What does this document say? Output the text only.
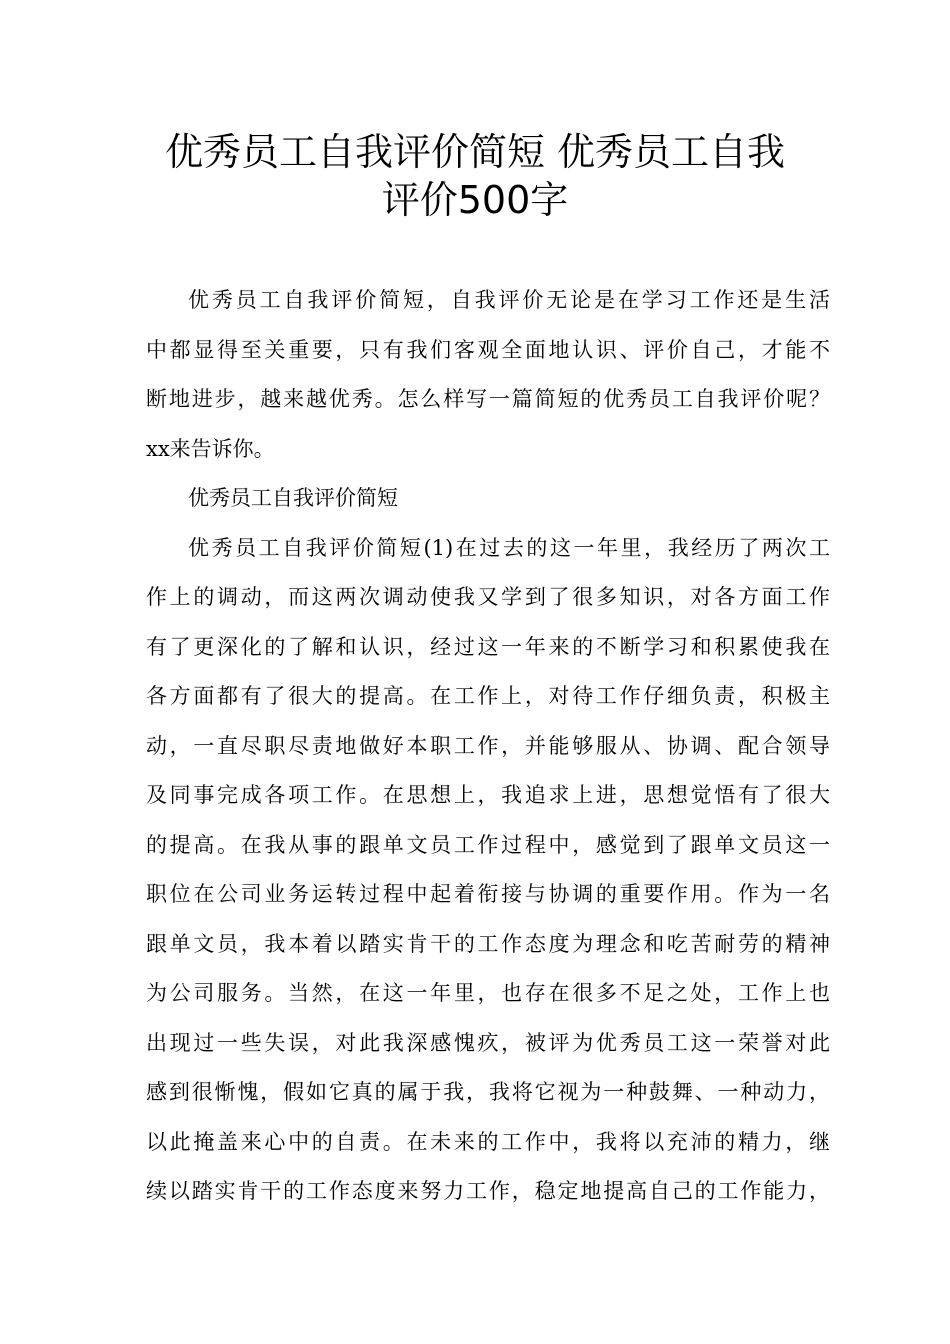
优秀员工自我评价简短 优秀员工自我
评价500字
优秀员工自我评价简短，自我评价无论是在学习工作还是生活
中都显得至关重要，只有我们客观全面地认识、评价自己，才能不
断地进步，越来越优秀。怎么样写一篇简短的优秀员工自我评价呢？
xx来告诉你。
优秀员工自我评价简短
优秀员工自我评价简短(1)在过去的这一年里，我经历了两次工
作上的调动，而这两次调动使我又学到了很多知识，对各方面工作
有了更深化的了解和认识，经过这一年来的不断学习和积累使我在
各方面都有了很大的提高。在工作上，对待工作仔细负责，积极主
动，一直尽职尽责地做好本职工作，并能够服从、协调、配合领导
及同事完成各项工作。在思想上，我追求上进，思想觉悟有了很大
的提高。在我从事的跟单文员工作过程中，感觉到了跟单文员这一
职位在公司业务运转过程中起着衔接与协调的重要作用。作为一名
跟单文员，我本着以踏实肯干的工作态度为理念和吃苦耐劳的精神
为公司服务。当然，在这一年里，也存在很多不足之处，工作上也
出现过一些失误，对此我深感愧疚，被评为优秀员工这一荣誉对此
感到很惭愧，假如它真的属于我，我将它视为一种鼓舞、一种动力，
以此掩盖来心中的自责。在未来的工作中，我将以充沛的精力，继
续以踏实肯干的工作态度来努力工作，稳定地提高自己的工作能力，
